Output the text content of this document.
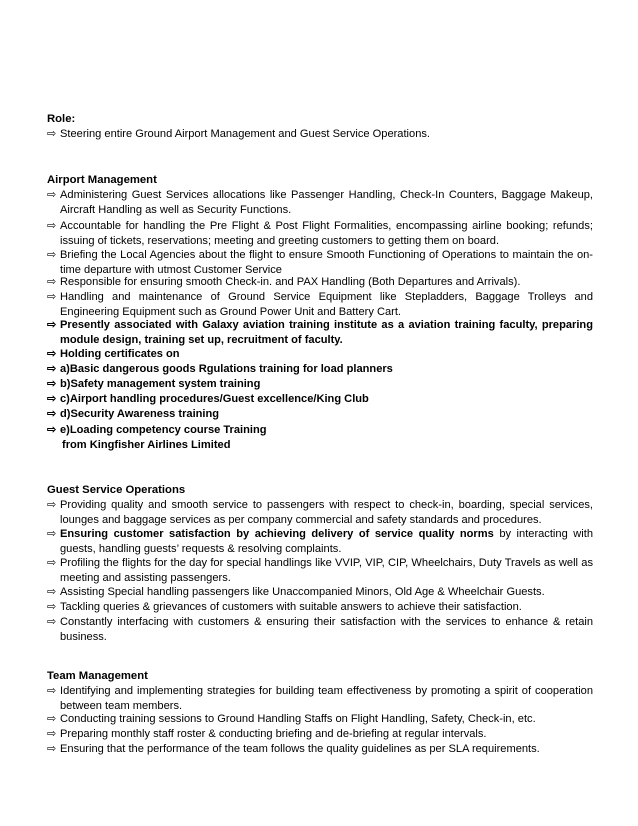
Role:
⇨ Steering entire Ground Airport Management and Guest Service Operations.
Airport Management
⇨ Administering Guest Services allocations like Passenger Handling, Check-In Counters, Baggage Makeup, Aircraft Handling as well as Security Functions.
⇨ Accountable for handling the Pre Flight & Post Flight Formalities, encompassing airline booking; refunds; issuing of tickets, reservations; meeting and greeting customers to getting them on board.
⇨ Briefing the Local Agencies about the flight to ensure Smooth Functioning of Operations to maintain the on-time departure with utmost Customer Service
⇨ Responsible for ensuring smooth Check-in. and PAX Handling (Both Departures and Arrivals).
⇨ Handling and maintenance of Ground Service Equipment like Stepladders, Baggage Trolleys and Engineering Equipment such as Ground Power Unit and Battery Cart.
⇨ Presently associated with Galaxy aviation training institute as a aviation training faculty, preparing module design, training set up, recruitment of faculty.
⇨ Holding certificates on
⇨ a)Basic dangerous goods Rgulations training for load planners
⇨ b)Safety management system training
⇨ c)Airport handling procedures/Guest excellence/King Club
⇨ d)Security Awareness training
⇨ e)Loading competency course Training
from Kingfisher Airlines Limited
Guest Service Operations
⇨ Providing quality and smooth service to passengers with respect to check-in, boarding, special services, lounges and baggage services as per company commercial and safety standards and procedures.
⇨ Ensuring customer satisfaction by achieving delivery of service quality norms by interacting with guests, handling guests’ requests & resolving complaints.
⇨ Profiling the flights for the day for special handlings like VVIP, VIP, CIP, Wheelchairs, Duty Travels as well as meeting and assisting passengers.
⇨ Assisting Special handling passengers like Unaccompanied Minors, Old Age & Wheelchair Guests.
⇨ Tackling queries & grievances of customers with suitable answers to achieve their satisfaction.
⇨ Constantly interfacing with customers & ensuring their satisfaction with the services to enhance & retain business.
Team Management
⇨ Identifying and implementing strategies for building team effectiveness by promoting a spirit of cooperation between team members.
⇨ Conducting training sessions to Ground Handling Staffs on Flight Handling, Safety, Check-in, etc.
⇨ Preparing monthly staff roster & conducting briefing and de-briefing at regular intervals.
⇨ Ensuring that the performance of the team follows the quality guidelines as per SLA requirements.
